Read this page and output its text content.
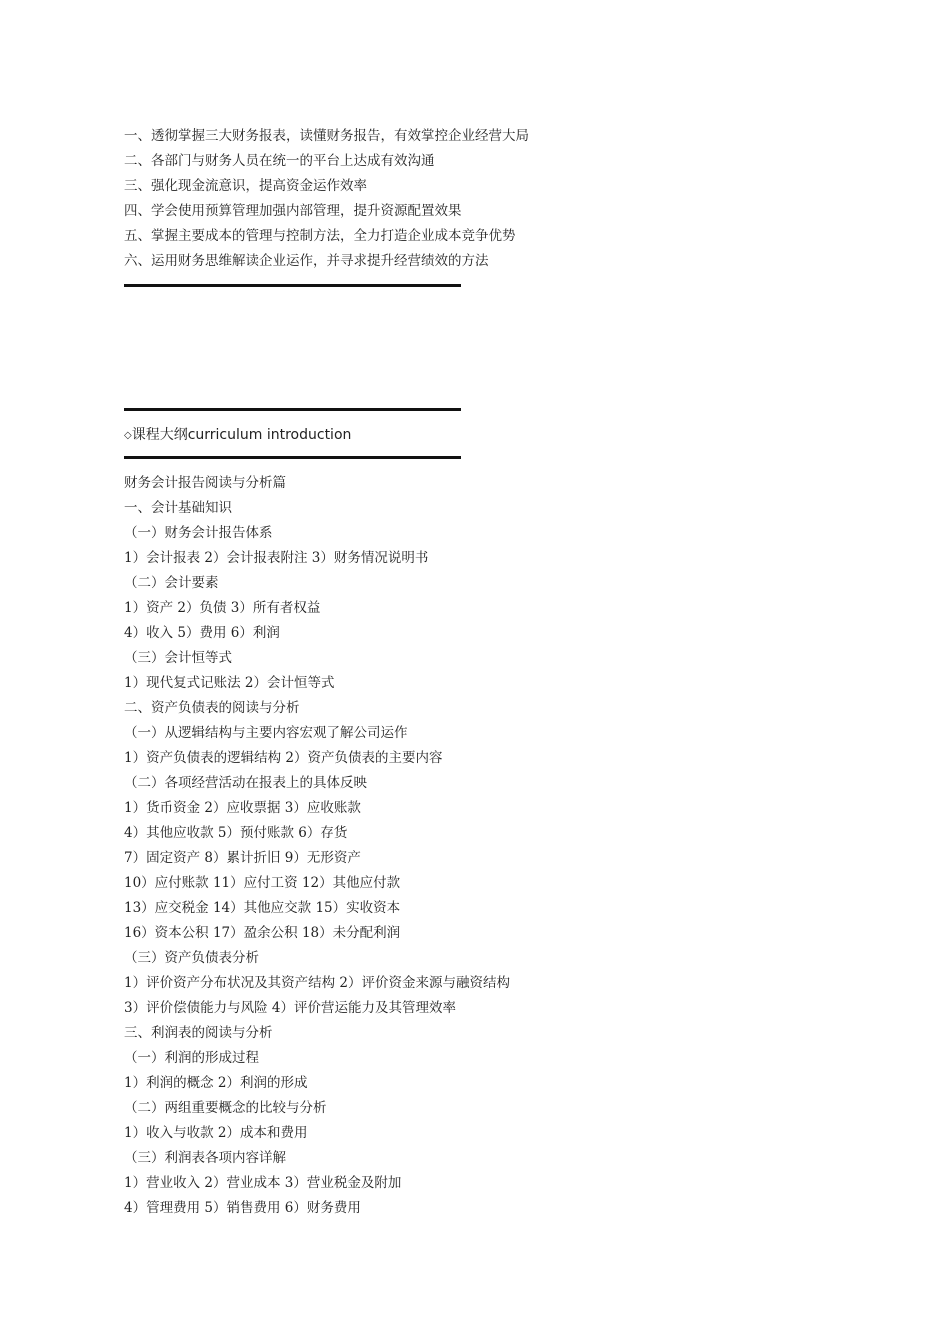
一、透彻掌握三大财务报表，读懂财务报告，有效掌控企业经营大局
二、各部门与财务人员在统一的平台上达成有效沟通
三、强化现金流意识，提高资金运作效率
四、学会使用预算管理加强内部管理，提升资源配置效果
五、掌握主要成本的管理与控制方法，全力打造企业成本竞争优势
六、运用财务思维解读企业运作，并寻求提升经营绩效的方法
◇课程大纲curriculum introduction
财务会计报告阅读与分析篇
一、会计基础知识
（一）财务会计报告体系
1）会计报表 2）会计报表附注 3）财务情况说明书
（二）会计要素
1）资产 2）负债 3）所有者权益
4）收入 5）费用 6）利润
（三）会计恒等式
1）现代复式记账法 2）会计恒等式
二、资产负债表的阅读与分析
（一）从逻辑结构与主要内容宏观了解公司运作
1）资产负债表的逻辑结构 2）资产负债表的主要内容
（二）各项经营活动在报表上的具体反映
1）货币资金 2）应收票据 3）应收账款
4）其他应收款 5）预付账款 6）存货
7）固定资产 8）累计折旧 9）无形资产
10）应付账款 11）应付工资 12）其他应付款
13）应交税金 14）其他应交款 15）实收资本
16）资本公积 17）盈余公积 18）未分配利润
（三）资产负债表分析
1）评价资产分布状况及其资产结构 2）评价资金来源与融资结构
3）评价偿债能力与风险 4）评价营运能力及其管理效率
三、利润表的阅读与分析
（一）利润的形成过程
1）利润的概念 2）利润的形成
（二）两组重要概念的比较与分析
1）收入与收款 2）成本和费用
（三）利润表各项内容详解
1）营业收入 2）营业成本 3）营业税金及附加
4）管理费用 5）销售费用 6）财务费用
